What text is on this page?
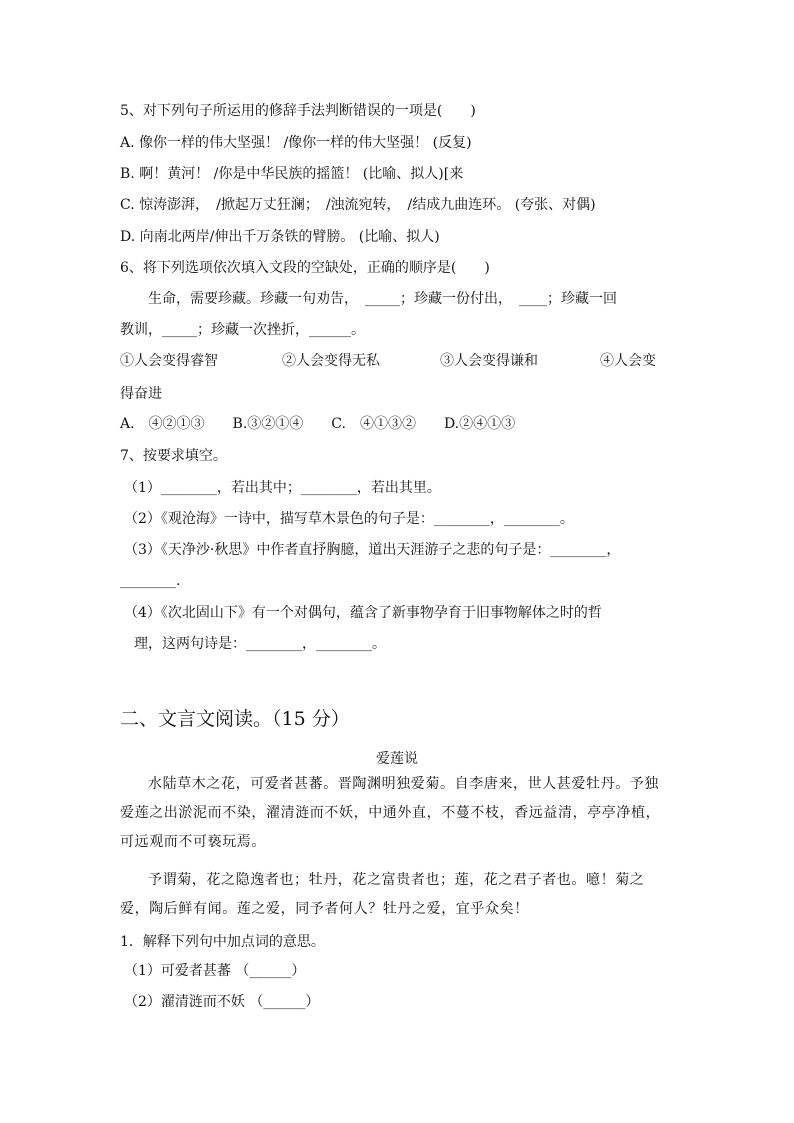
5、对下列句子所运用的修辞手法判断错误的一项是(　　)
A. 像你一样的伟大坚强！ /像你一样的伟大坚强！ (反复)
B. 啊！黄河！ /你是中华民族的摇篮！ (比喻、拟人)[来
C. 惊涛澎湃，　/掀起万丈狂澜；　/浊流宛转，　/结成九曲连环。 (夸张、对偶)
D. 向南北两岸/伸出千万条铁的臂膀。 (比喻、拟人)
6、将下列选项依次填入文段的空缺处，正确的顺序是(　　)
生命，需要珍藏。珍藏一句劝告，　_____；珍藏一份付出，　____；珍藏一回
教训，_____；珍藏一次挫折，______。
①人会变得睿智	②人会变得无私	③人会变得谦和	④人会变
得奋进
A.　④②①③　　B.③②①④　　C.　④①③②　　D.②④①③
7、按要求填空。
（1）________，若出其中；________，若出其里。
（2）《观沧海》一诗中，描写草木景色的句子是：________，________。
（3）《天净沙·秋思》中作者直抒胸臆，道出天涯游子之悲的句子是：________，
________.
（4）《次北固山下》有一个对偶句，蕴含了新事物孕育于旧事物解体之时的哲
理，这两句诗是：________，________。
二、文言文阅读。（15 分）
爱莲说
水陆草木之花，可爱者甚蕃。晋陶渊明独爱菊。自李唐来，世人甚爱牡丹。予独爱莲之出淤泥而不染，濯清涟而不妖，中通外直，不蔓不枝，香远益清，亭亭净植，可远观而不可亵玩焉。
予谓菊，花之隐逸者也；牡丹，花之富贵者也；莲，花之君子者也。噫！菊之爱，陶后鲜有闻。莲之爱，同予者何人？牡丹之爱，宜乎众矣！
1．解释下列句中加点词的意思。
（1）可爱者甚蕃 （______）
（2）濯清涟而不妖 （______）
